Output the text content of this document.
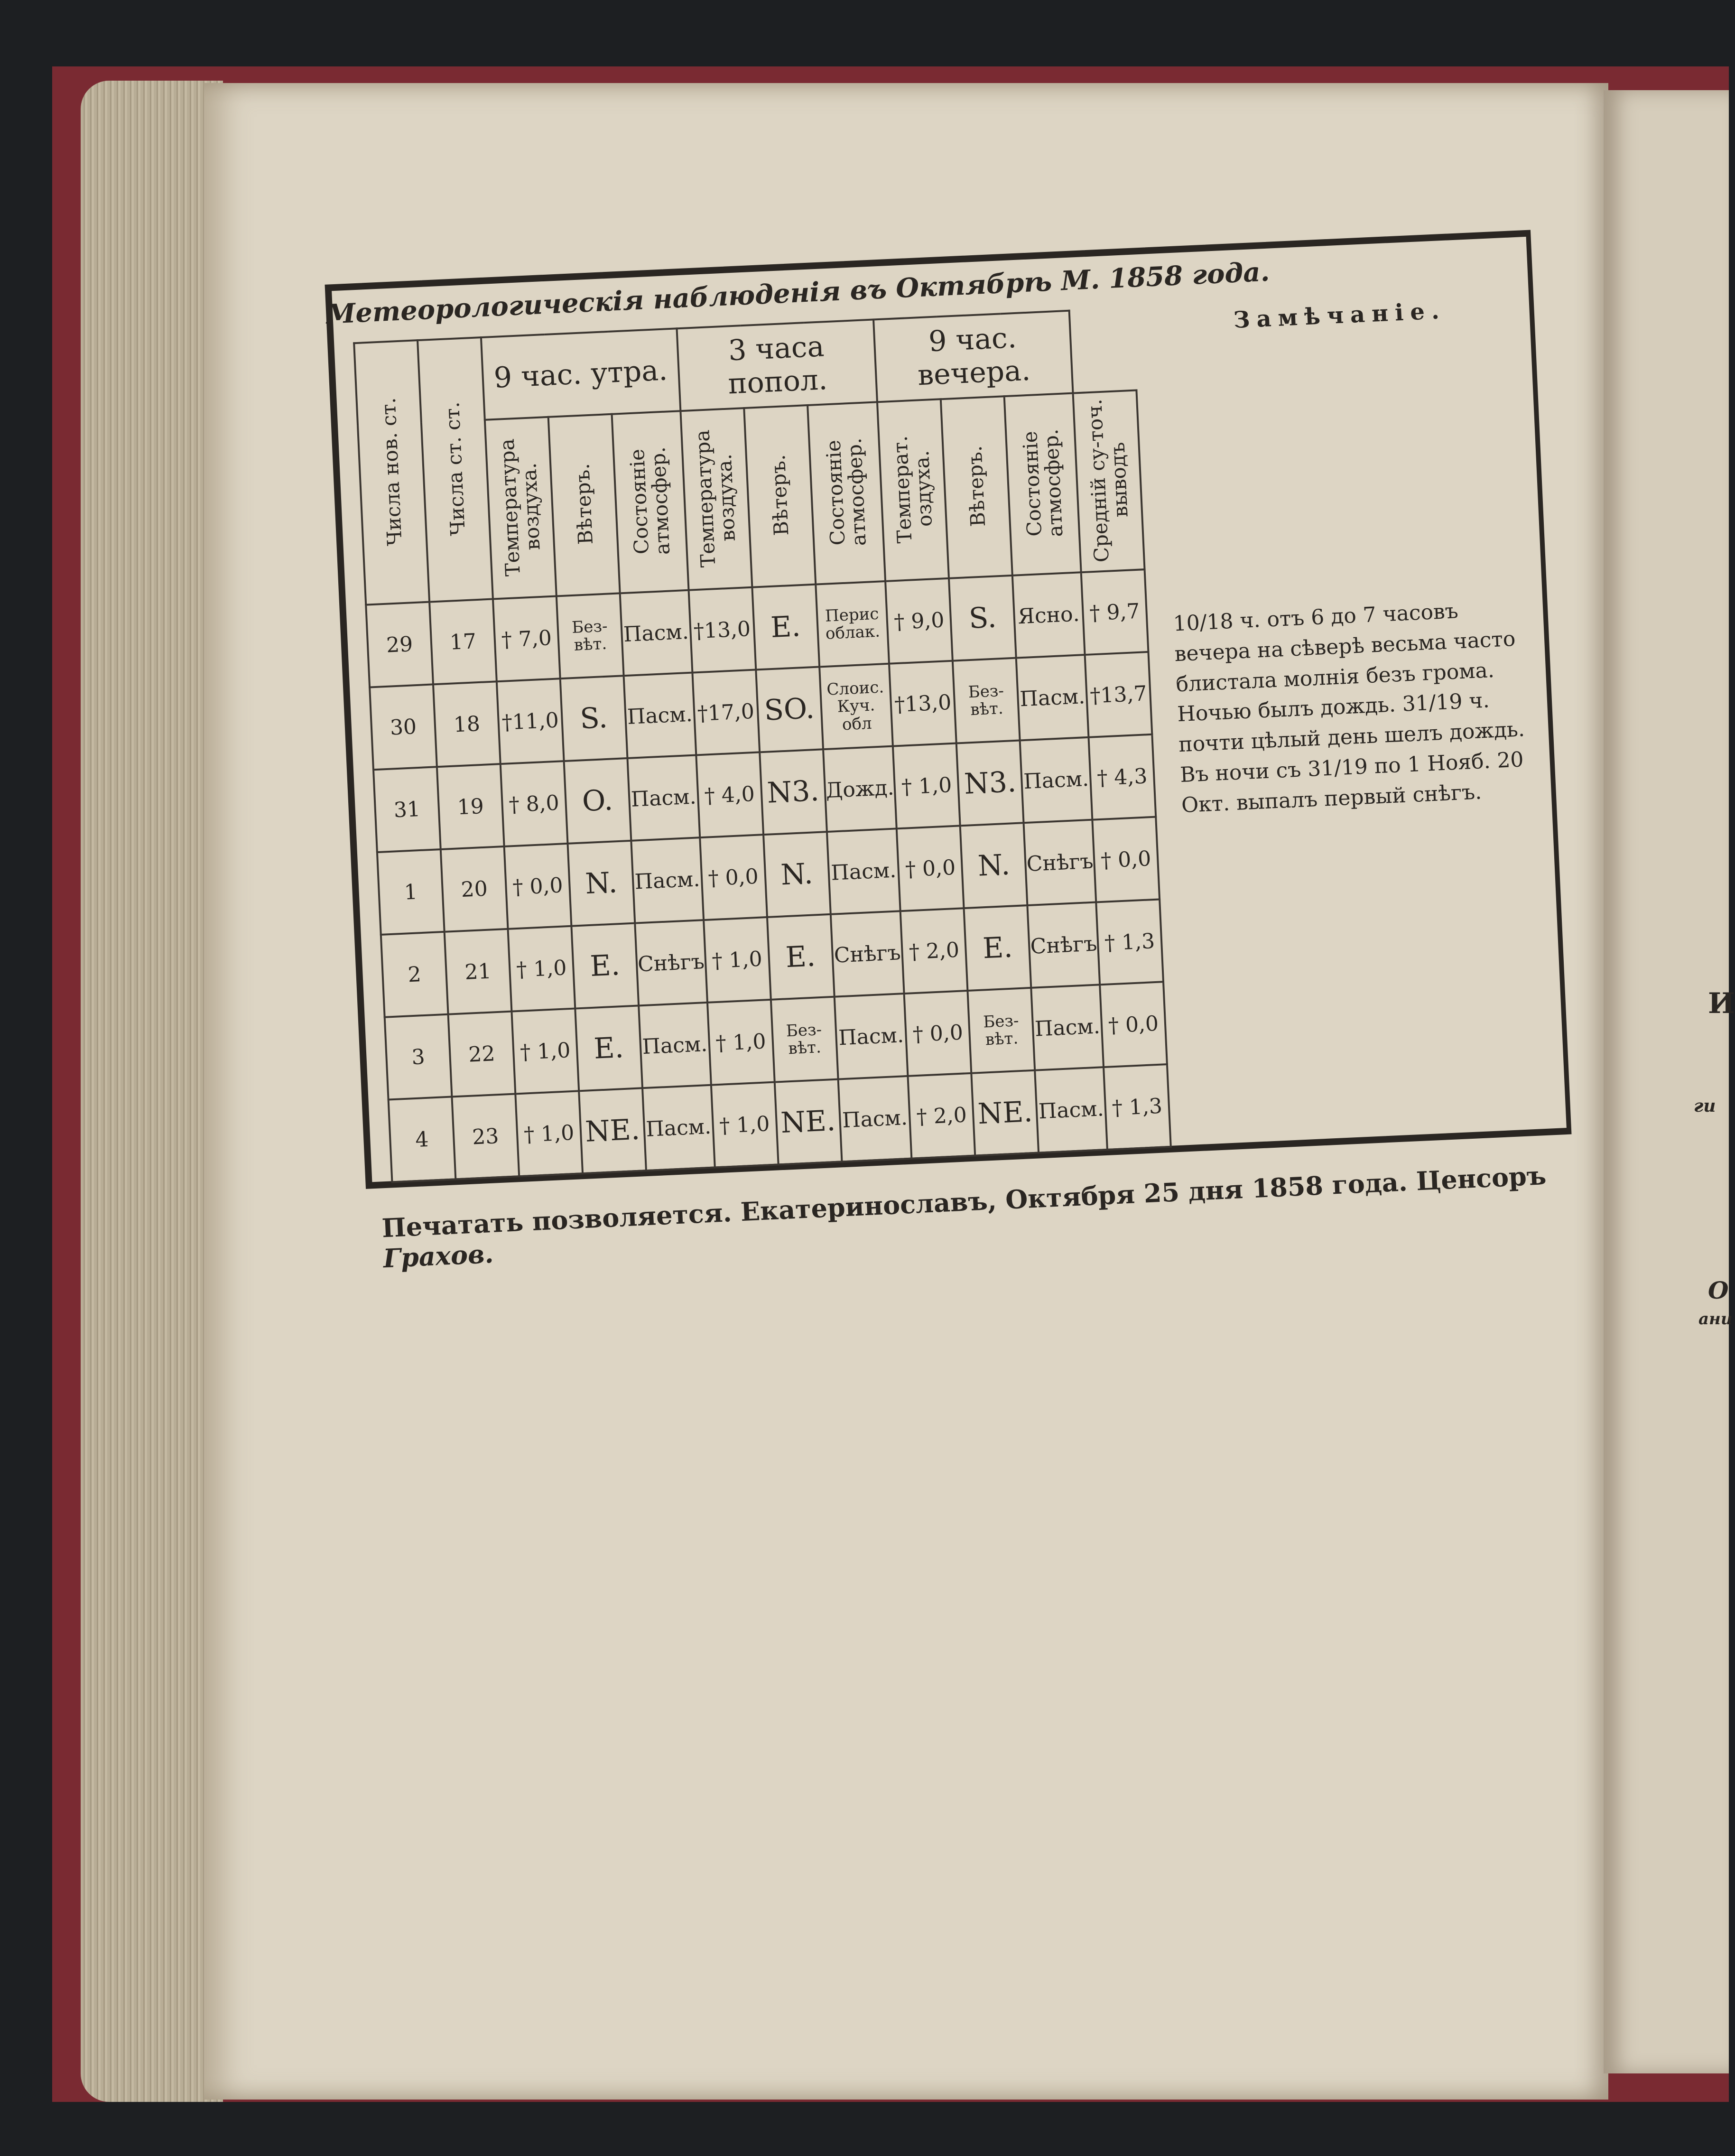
И
ги
О
ани
Метеорологическія наблюденія въ Октябрѣ М. 1858 года.
Числа нов. ст.	Числа ст. ст.	9 час. утра.			3 часа попол.			9 час. вечера.			
		Температура воздуха.	Вѣтеръ.	Состояніе атмосфер.	Температура воздуха.	Вѣтеръ.	Состояніе атмосфер.	Температ. оздуха.	Вѣтеръ.	Состояніе атмосфер.	Средній су-точ. выводъ
29	17	† 7,0	Без-вѣт.	Пасм.	†13,0	E.	Перис облак.	† 9,0	S.	Ясно.	† 9,7
30	18	†11,0	S.	Пасм.	†17,0	SO.	Слоис. Куч. обл	†13,0	Без-вѣт.	Пасм.	†13,7
31	19	† 8,0	O.	Пасм.	† 4,0	N3.	Дожд.	† 1,0	N3.	Пасм.	† 4,3
1	20	† 0,0	N.	Пасм.	† 0,0	N.	Пасм.	† 0,0	N.	Снѣгъ	† 0,0
2	21	† 1,0	E.	Снѣгъ	† 1,0	E.	Снѣгъ	† 2,0	E.	Снѣгъ	† 1,3
3	22	† 1,0	E.	Пасм.	† 1,0	Без-вѣт.	Пасм.	† 0,0	Без-вѣт.	Пасм.	† 0,0
4	23	† 1,0	NE.	Пасм.	† 1,0	NE.	Пасм.	† 2,0	NE.	Пасм.	† 1,3
Замѣчаніе.
10/18 ч. отъ 6 до 7 часовъ вечера на сѣверѣ весьма часто блистала молнія безъ грома. Ночью былъ дождь. 31/19 ч. почти цѣлый день шелъ дождь. Въ ночи съ 31/19 по 1 Нояб. 20 Окт. выпалъ первый снѣгъ.
Печатать позволяется. Екатеринославъ, Октября 25 дня 1858 года. Ценсоръ Грахов.
